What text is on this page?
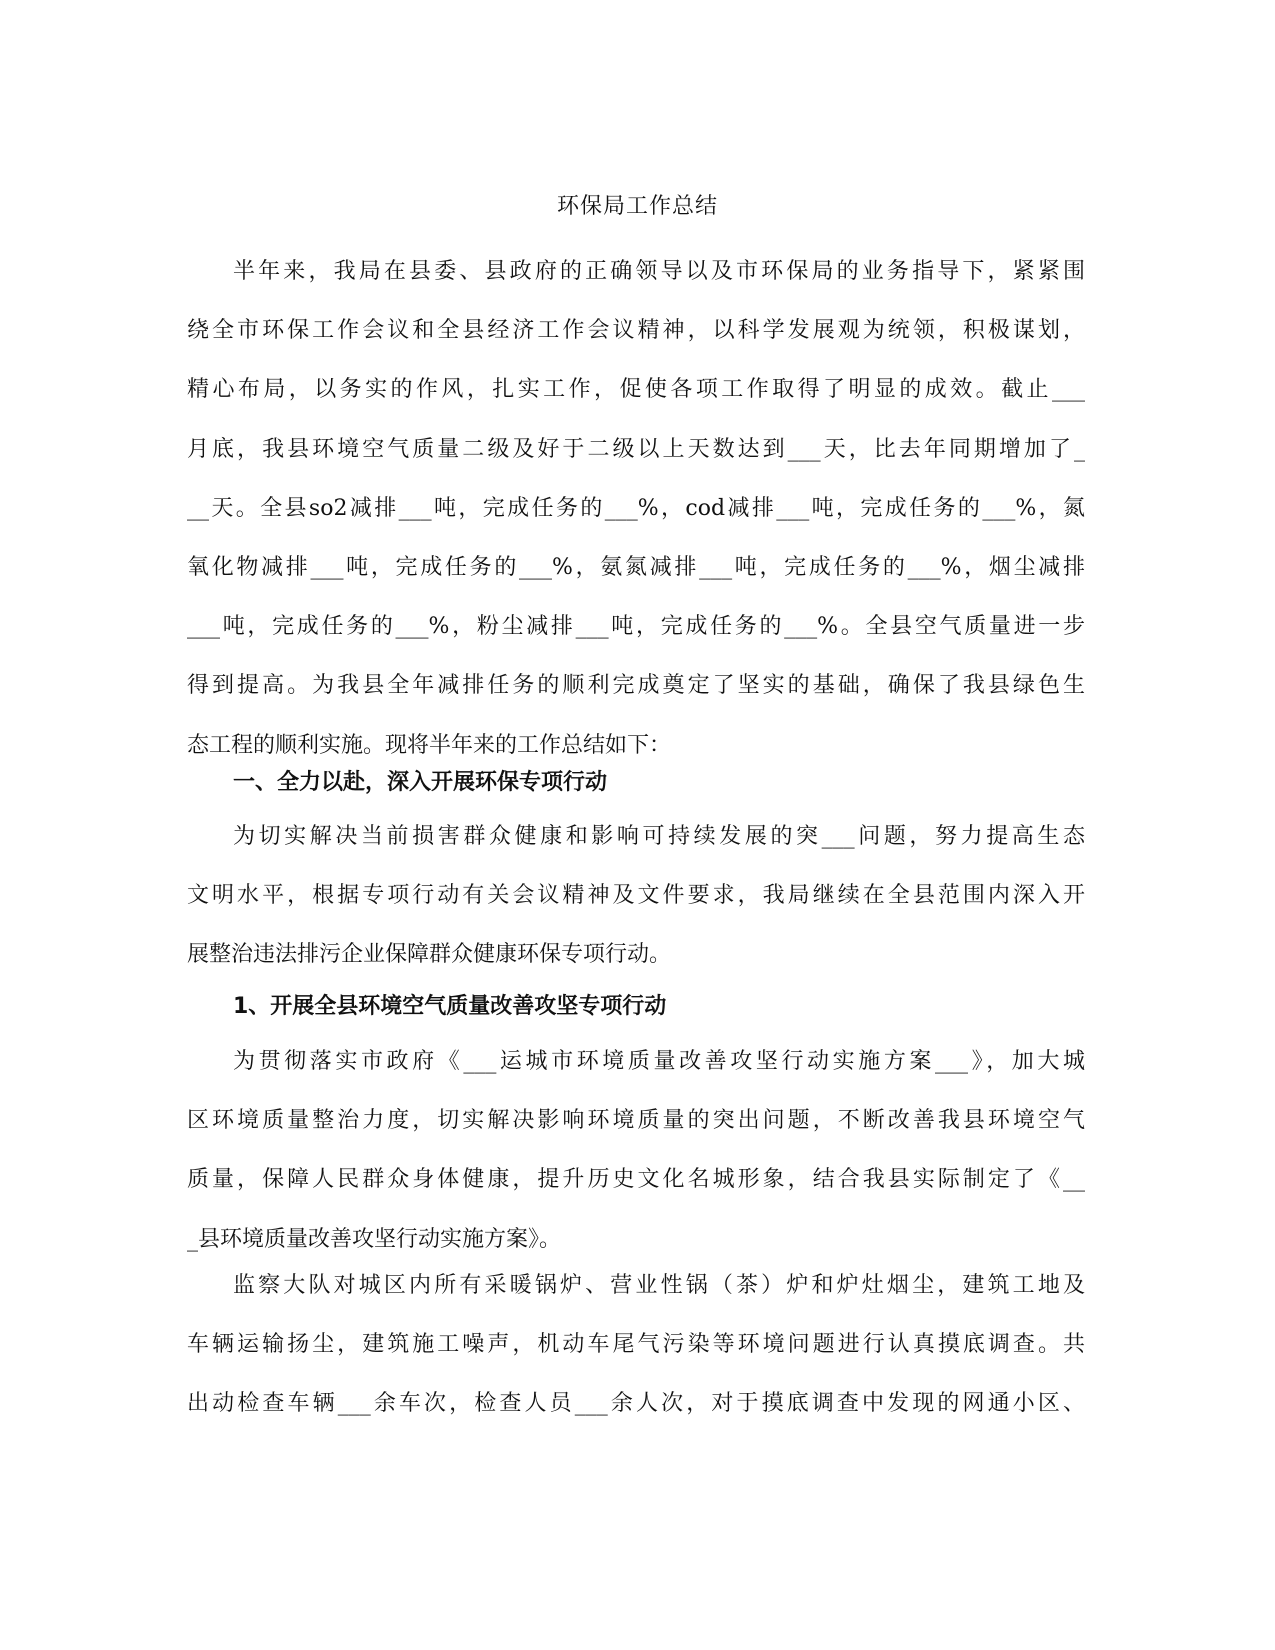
环保局工作总结
半年来，我局在县委、县政府的正确领导以及市环保局的业务指导下，紧紧围
绕全市环保工作会议和全县经济工作会议精神，以科学发展观为统领，积极谋划，
精心布局，以务实的作风，扎实工作，促使各项工作取得了明显的成效。截止___
月底，我县环境空气质量二级及好于二级以上天数达到___天，比去年同期增加了_
__天。全县so2减排___吨，完成任务的___%，cod减排___吨，完成任务的___%，氮
氧化物减排___吨，完成任务的___%，氨氮减排___吨，完成任务的___%，烟尘减排
___吨，完成任务的___%，粉尘减排___吨，完成任务的___%。全县空气质量进一步
得到提高。为我县全年减排任务的顺利完成奠定了坚实的基础，确保了我县绿色生
态工程的顺利实施。现将半年来的工作总结如下：
一、全力以赴，深入开展环保专项行动
为切实解决当前损害群众健康和影响可持续发展的突___问题，努力提高生态
文明水平，根据专项行动有关会议精神及文件要求，我局继续在全县范围内深入开
展整治违法排污企业保障群众健康环保专项行动。
1、开展全县环境空气质量改善攻坚专项行动
为贯彻落实市政府《___运城市环境质量改善攻坚行动实施方案___》，加大城
区环境质量整治力度，切实解决影响环境质量的突出问题，不断改善我县环境空气
质量，保障人民群众身体健康，提升历史文化名城形象，结合我县实际制定了《__
_县环境质量改善攻坚行动实施方案》。
监察大队对城区内所有采暖锅炉、营业性锅（茶）炉和炉灶烟尘，建筑工地及
车辆运输扬尘，建筑施工噪声，机动车尾气污染等环境问题进行认真摸底调查。共
出动检查车辆___余车次，检查人员___余人次，对于摸底调查中发现的网通小区、
